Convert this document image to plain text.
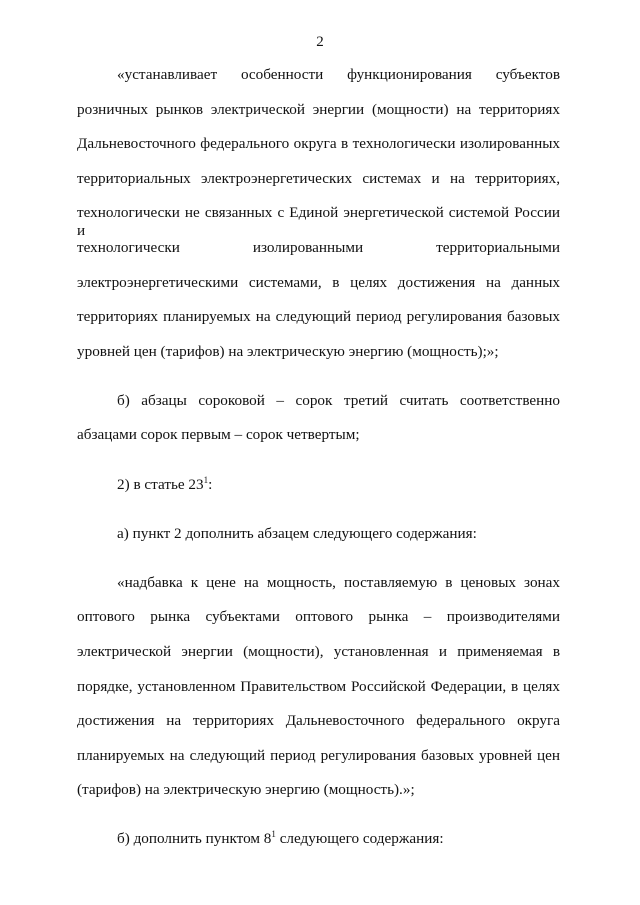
2
«устанавливает особенности функционирования субъектов
розничных рынков электрической энергии (мощности) на территориях
Дальневосточного федерального округа в технологически изолированных
территориальных электроэнергетических системах и на территориях,
технологически не связанных с Единой энергетической системой России и
технологически изолированными территориальными
электроэнергетическими системами, в целях достижения на данных
территориях планируемых на следующий период регулирования базовых
уровней цен (тарифов) на электрическую энергию (мощность);»;
б) абзацы сороковой – сорок третий считать соответственно
абзацами сорок первым – сорок четвертым;
2) в статье $23^1$:
а) пункт 2 дополнить абзацем следующего содержания:
«надбавка к цене на мощность, поставляемую в ценовых зонах
оптового рынка субъектами оптового рынка – производителями
электрической энергии (мощности), установленная и применяемая в
порядке, установленном Правительством Российской Федерации, в целях
достижения на территориях Дальневосточного федерального округа
планируемых на следующий период регулирования базовых уровней цен
(тарифов) на электрическую энергию (мощность).»;
б) дополнить пунктом $8^1$ следующего содержания:
